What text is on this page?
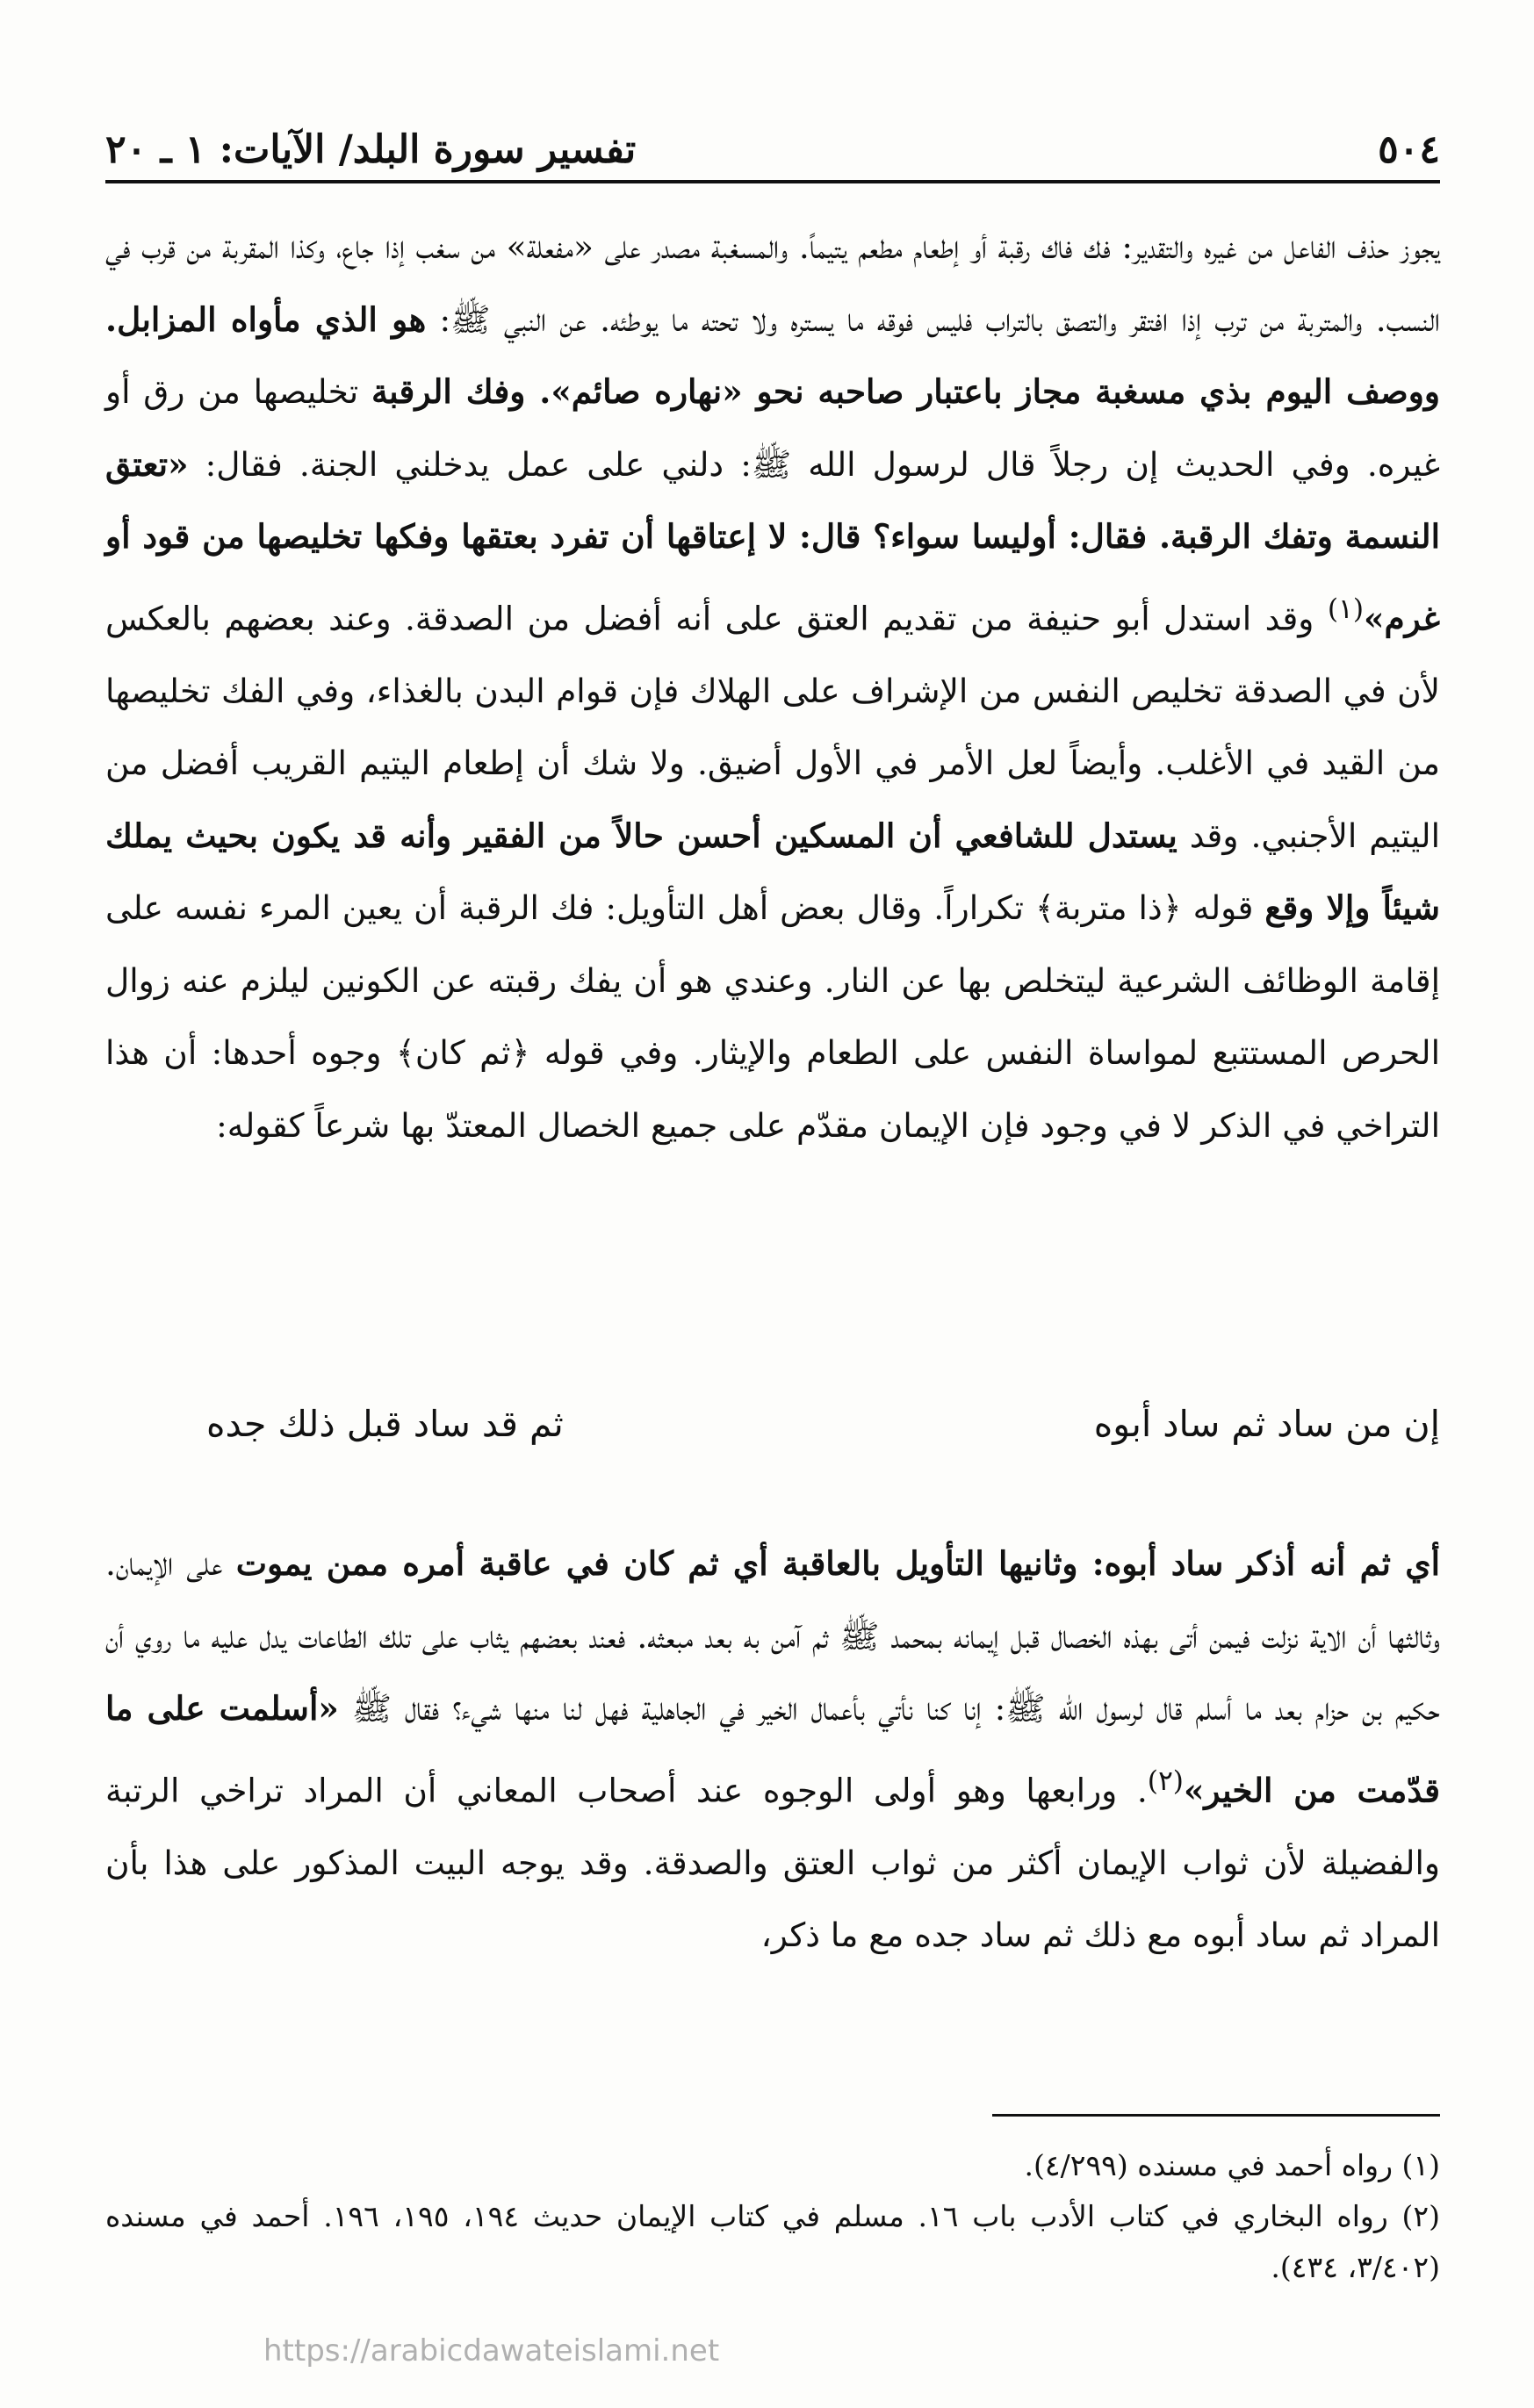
٥٠٤
تفسير سورة البلد/ الآيات: ١ ـ ٢٠

يجوز حذف الفاعل من غيره والتقدير: فك فاك رقبة أو إطعام مطعم يتيماً. والمسغبة مصدر على «مفعلة» من سغب إذا جاع، وكذا المقربة من قرب في النسب. والمتربة من ترب إذا افتقر والتصق بالتراب فليس فوقه ما يستره ولا تحته ما يوطئه. عن النبي ﷺ: هو الذي مأواه المزابل. ووصف اليوم بذي مسغبة مجاز باعتبار صاحبه نحو «نهاره صائم». وفك الرقبة تخليصها من رق أو غيره. وفي الحديث إن رجلاً قال لرسول الله ﷺ: دلني على عمل يدخلني الجنة. فقال: «تعتق النسمة وتفك الرقبة. فقال: أوليسا سواء؟ قال: لا إعتاقها أن تفرد بعتقها وفكها تخليصها من قود أو غرم»$^{(١)}$ وقد استدل أبو حنيفة من تقديم العتق على أنه أفضل من الصدقة. وعند بعضهم بالعكس لأن في الصدقة تخليص النفس من الإشراف على الهلاك فإن قوام البدن بالغذاء، وفي الفك تخليصها من القيد في الأغلب. وأيضاً لعل الأمر في الأول أضيق. ولا شك أن إطعام اليتيم القريب أفضل من اليتيم الأجنبي. وقد يستدل للشافعي أن المسكين أحسن حالاً من الفقير وأنه قد يكون بحيث يملك شيئاً وإلا وقع قوله ﴿ذا متربة﴾ تكراراً. وقال بعض أهل التأويل: فك الرقبة أن يعين المرء نفسه على إقامة الوظائف الشرعية ليتخلص بها عن النار. وعندي هو أن يفك رقبته عن الكونين ليلزم عنه زوال الحرص المستتبع لمواساة النفس على الطعام والإيثار. وفي قوله ﴿ثم كان﴾ وجوه أحدها: أن هذا التراخي في الذكر لا في وجود فإن الإيمان مقدّم على جميع الخصال المعتدّ بها شرعاً كقوله:

إن من ساد ثم ساد أبوه
ثم قد ساد قبل ذلك جده

أي ثم أنه أذكر ساد أبوه: وثانيها التأويل بالعاقبة أي ثم كان في عاقبة أمره ممن يموت على الإيمان. وثالثها أن الاية نزلت فيمن أتى بهذه الخصال قبل إيمانه بمحمد ﷺ ثم آمن به بعد مبعثه. فعند بعضهم يثاب على تلك الطاعات يدل عليه ما روي أن حكيم بن حزام بعد ما أسلم قال لرسول الله ﷺ: إنا كنا نأتي بأعمال الخير في الجاهلية فهل لنا منها شيء؟ فقال ﷺ «أسلمت على ما قدّمت من الخير»$^{(٢)}$. ورابعها وهو أولى الوجوه عند أصحاب المعاني أن المراد تراخي الرتبة والفضيلة لأن ثواب الإيمان أكثر من ثواب العتق والصدقة. وقد يوجه البيت المذكور على هذا بأن المراد ثم ساد أبوه مع ذلك ثم ساد جده مع ما ذكر،

(١) رواه أحمد في مسنده (٤/٢٩٩).

(٢) رواه البخاري في كتاب الأدب باب ١٦. مسلم في كتاب الإيمان حديث ١٩٤، ١٩٥، ١٩٦. أحمد في مسنده (٣/٤٠٢، ٤٣٤).

https://arabicdawateislami.net
